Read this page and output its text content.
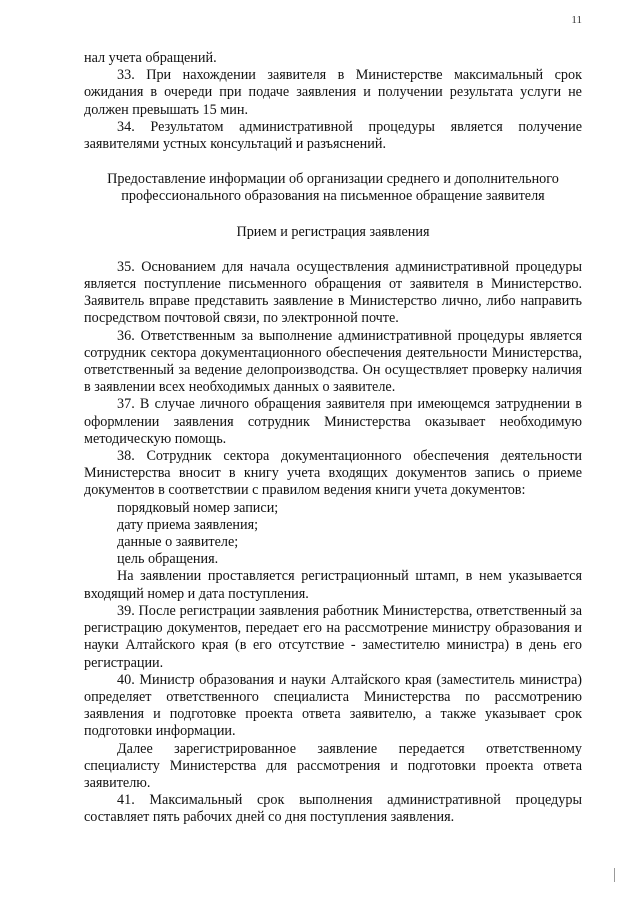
11

нал учета обращений.

33. При нахождении заявителя в Министерстве максимальный срок ожидания в очереди при подаче заявления и получении результата услуги не должен превышать 15 мин.

34. Результатом административной процедуры является получение заявителями устных консультаций и разъяснений.

Предоставление информации об организации среднего и дополнительного профессионального образования на письменное обращение заявителя

Прием и регистрация заявления

35. Основанием для начала осуществления административной процедуры является поступление письменного обращения от заявителя в Министерство. Заявитель вправе представить заявление в Министерство лично, либо направить посредством почтовой связи, по электронной почте.

36. Ответственным за выполнение административной процедуры является сотрудник сектора документационного обеспечения деятельности Министерства, ответственный за ведение делопроизводства. Он осуществляет проверку наличия в заявлении всех необходимых данных о заявителе.

37. В случае личного обращения заявителя при имеющемся затруднении в оформлении заявления сотрудник Министерства оказывает необходимую методическую помощь.

38. Сотрудник сектора документационного обеспечения деятельности Министерства вносит в книгу учета входящих документов запись о приеме документов в соответствии с правилом ведения книги учета документов:

порядковый номер записи;

дату приема заявления;

данные о заявителе;

цель обращения.

На заявлении проставляется регистрационный штамп, в нем указывается входящий номер и дата поступления.

39. После регистрации заявления работник Министерства, ответственный за регистрацию документов, передает его на рассмотрение министру образования и науки Алтайского края (в его отсутствие - заместителю министра) в день его регистрации.

40. Министр образования и науки Алтайского края (заместитель министра) определяет ответственного специалиста Министерства по рассмотрению заявления и подготовке проекта ответа заявителю, а также указывает срок подготовки информации.

Далее зарегистрированное заявление передается ответственному специалисту Министерства для рассмотрения и подготовки проекта ответа заявителю.

41. Максимальный срок выполнения административной процедуры составляет пять рабочих дней со дня поступления заявления.
